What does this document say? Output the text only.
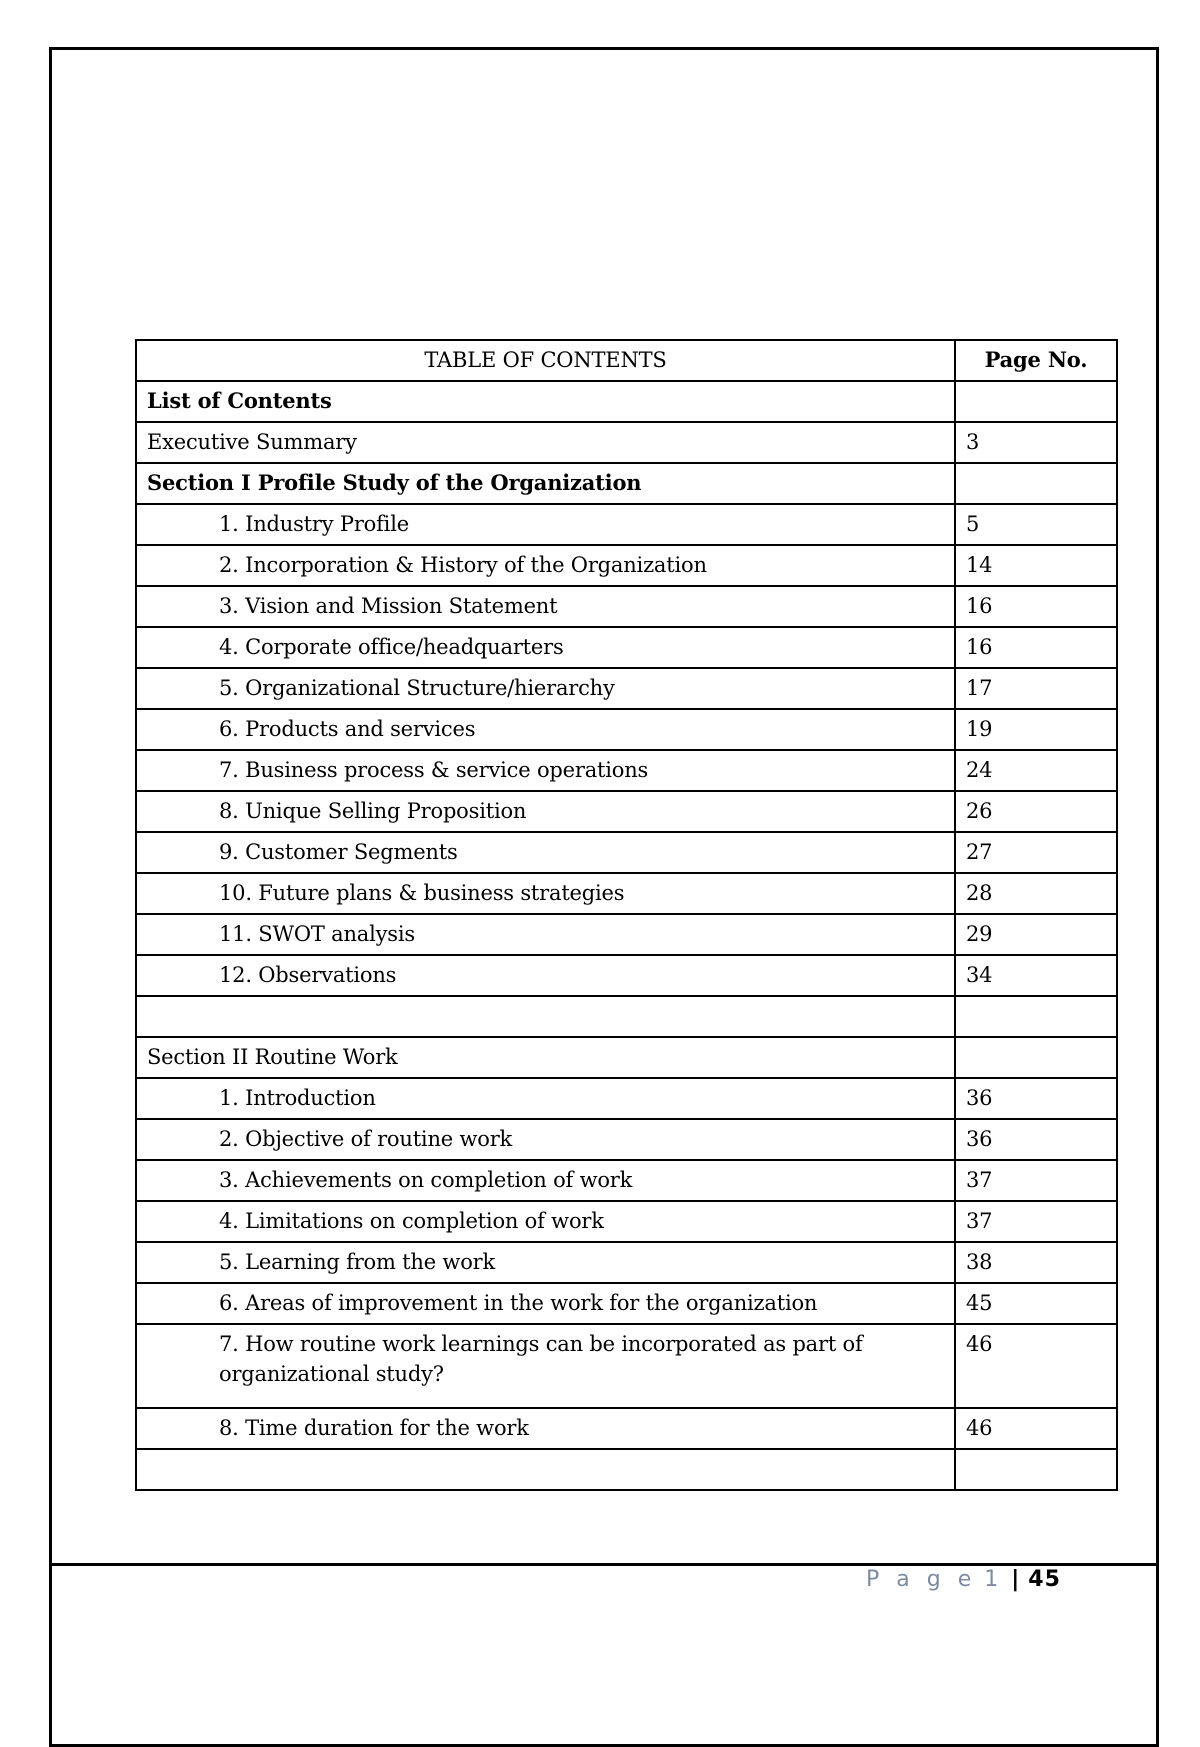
TABLE OF CONTENTS	Page No.
List of Contents	
Executive Summary	3
Section I Profile Study of the Organization	
1. Industry Profile	5
2. Incorporation & History of the Organization	14
3. Vision and Mission Statement	16
4. Corporate office/headquarters	16
5. Organizational Structure/hierarchy	17
6. Products and services	19
7. Business process & service operations	24
8. Unique Selling Proposition	26
9. Customer Segments	27
10. Future plans & business strategies	28
11. SWOT analysis	29
12. Observations	34

Section II Routine Work	
1. Introduction	36
2. Objective of routine work	36
3. Achievements on completion of work	37
4. Limitations on completion of work	37
5. Learning from the work	38
6. Areas of improvement in the work for the organization	45
7. How routine work learnings can be incorporated as part of organizational study?	46
8. Time duration for the work	46

P a g e 1 | 45
